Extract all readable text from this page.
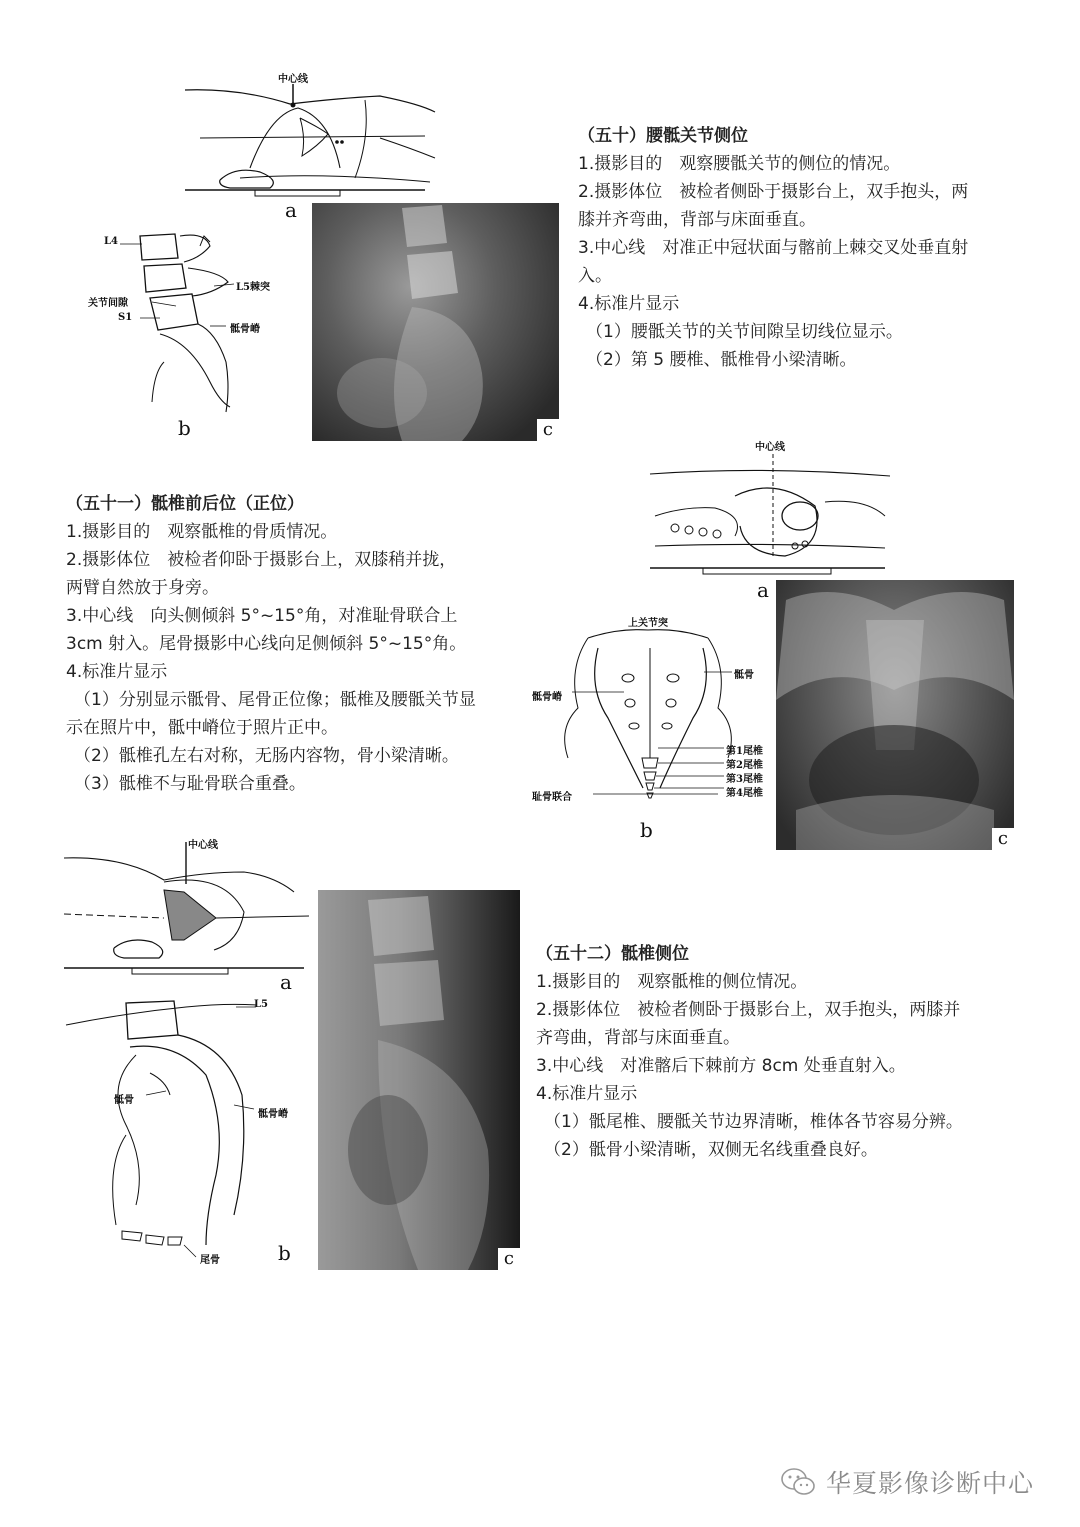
中心线
a
L4
L5棘突
关节间隙
S1
骶骨嵴
b	c
（五十）腰骶关节侧位
1.摄影目的　观察腰骶关节的侧位的情况。
2.摄影体位　被检者侧卧于摄影台上，双手抱头，两
膝并齐弯曲，背部与床面垂直。
3.中心线　对准正中冠状面与髂前上棘交叉处垂直射
入。
4.标准片显示
（1）腰骶关节的关节间隙呈切线位显示。
（2）第 5 腰椎、骶椎骨小梁清晰。
（五十一）骶椎前后位（正位）
1.摄影目的　观察骶椎的骨质情况。
2.摄影体位　被检者仰卧于摄影台上，双膝稍并拢，
两臂自然放于身旁。
3.中心线　向头侧倾斜 5°~15°角，对准耻骨联合上
3cm 射入。尾骨摄影中心线向足侧倾斜 5°~15°角。
4.标准片显示
（1）分别显示骶骨、尾骨正位像；骶椎及腰骶关节显
示在照片中，骶中嵴位于照片正中。
（2）骶椎孔左右对称，无肠内容物，骨小梁清晰。
（3）骶椎不与耻骨联合重叠。
中心线
a
上关节突
骶骨
骶骨嵴
第1尾椎
第2尾椎
第3尾椎
第4尾椎
耻骨联合
b	c
中心线
a
L5
骶骨
骶骨嵴
尾骨	b	c
（五十二）骶椎侧位
1.摄影目的　观察骶椎的侧位情况。
2.摄影体位　被检者侧卧于摄影台上，双手抱头，两膝并
齐弯曲，背部与床面垂直。
3.中心线　对准髂后下棘前方 8cm 处垂直射入。
4.标准片显示
（1）骶尾椎、腰骶关节边界清晰，椎体各节容易分辨。
（2）骶骨小梁清晰，双侧无名线重叠良好。
华夏影像诊断中心
